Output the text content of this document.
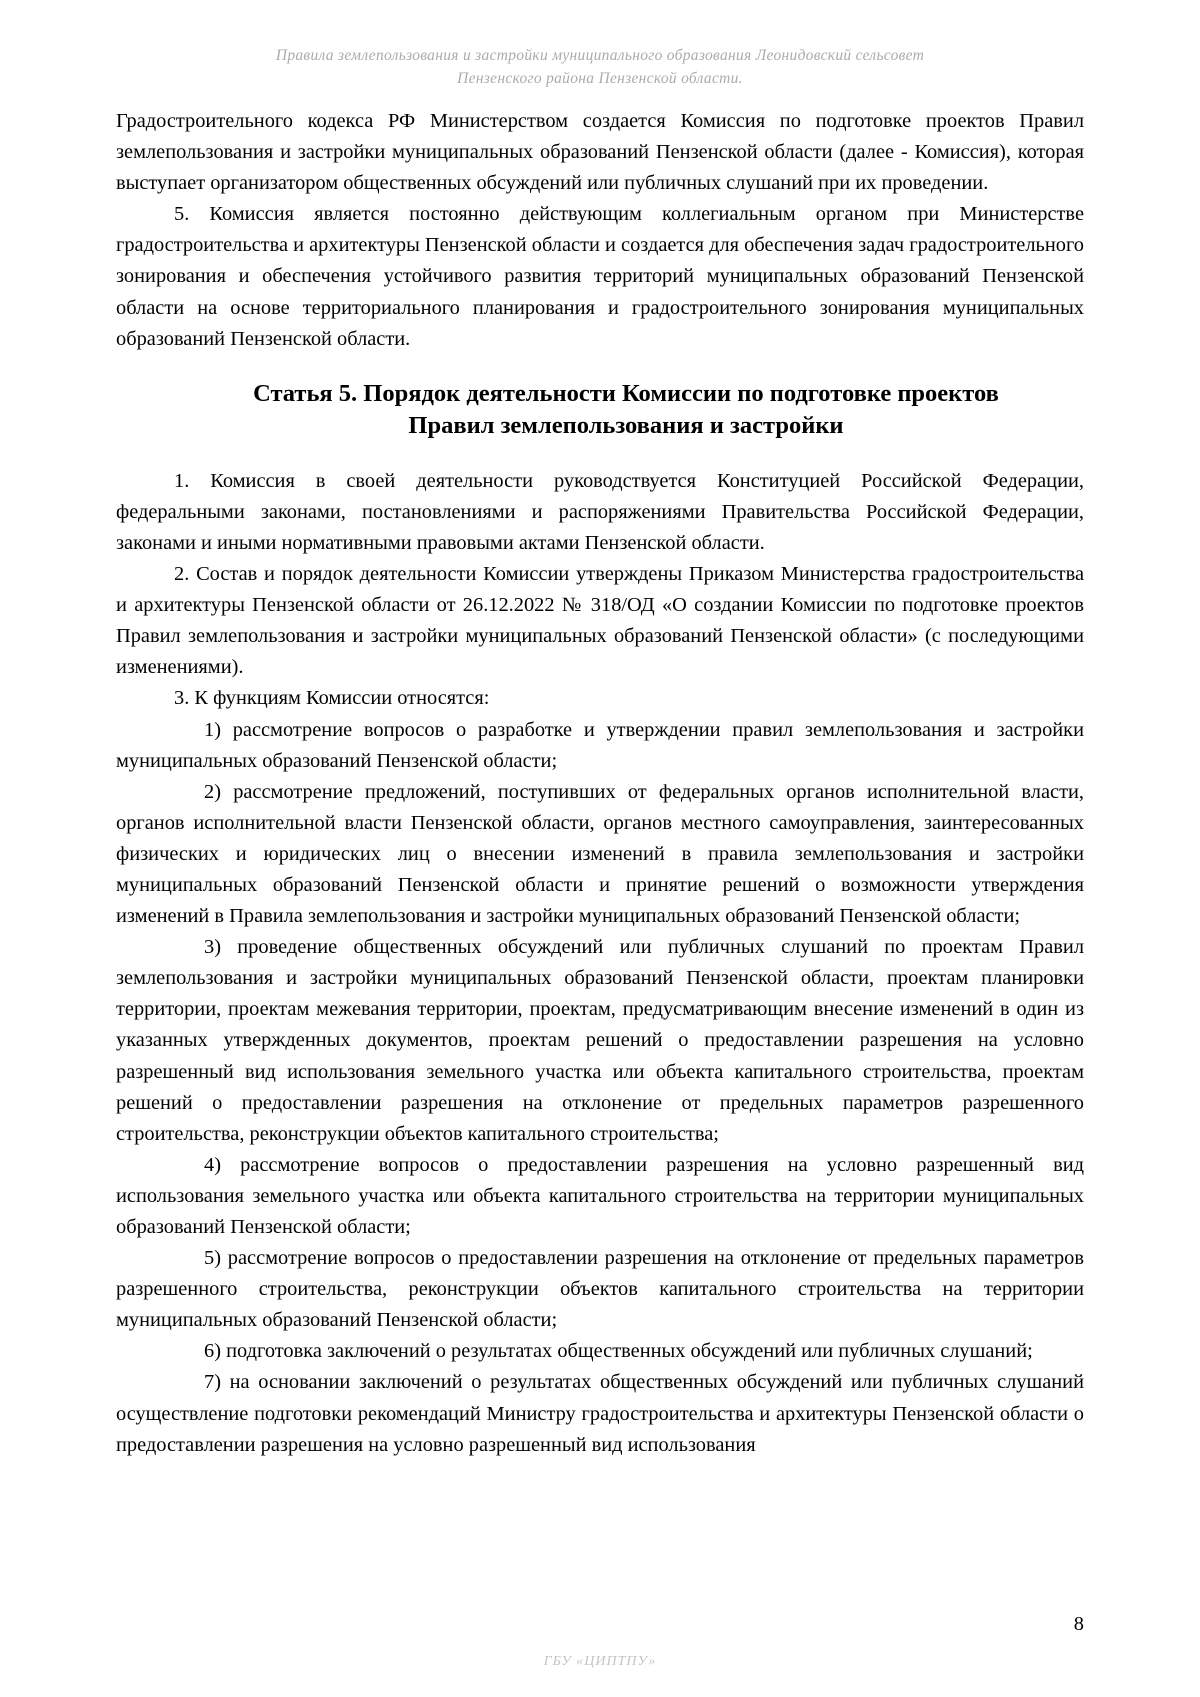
Правила землепользования и застройки муниципального образования Леонидовский сельсовет
Пензенского района Пензенской области.

Градостроительного кодекса РФ Министерством создается Комиссия по подготовке проектов Правил землепользования и застройки муниципальных образований Пензенской области (далее - Комиссия), которая выступает организатором общественных обсуждений или публичных слушаний при их проведении.

5. Комиссия является постоянно действующим коллегиальным органом при Министерстве градостроительства и архитектуры Пензенской области и создается для обеспечения задач градостроительного зонирования и обеспечения устойчивого развития территорий муниципальных образований Пензенской области на основе территориального планирования и градостроительного зонирования муниципальных образований Пензенской области.

Статья 5. Порядок деятельности Комиссии по подготовке проектов
Правил землепользования и застройки

1. Комиссия в своей деятельности руководствуется Конституцией Российской Федерации, федеральными законами, постановлениями и распоряжениями Правительства Российской Федерации, законами и иными нормативными правовыми актами Пензенской области.

2. Состав и порядок деятельности Комиссии утверждены Приказом Министерства градостроительства и архитектуры Пензенской области от 26.12.2022 № 318/ОД «О создании Комиссии по подготовке проектов Правил землепользования и застройки муниципальных образований Пензенской области» (с последующими изменениями).

3. К функциям Комиссии относятся:

1) рассмотрение вопросов о разработке и утверждении правил землепользования и застройки муниципальных образований Пензенской области;

2) рассмотрение предложений, поступивших от федеральных органов исполнительной власти, органов исполнительной власти Пензенской области, органов местного самоуправления, заинтересованных физических и юридических лиц о внесении изменений в правила землепользования и застройки муниципальных образований Пензенской области и принятие решений о возможности утверждения изменений в Правила землепользования и застройки муниципальных образований Пензенской области;

3) проведение общественных обсуждений или публичных слушаний по проектам Правил землепользования и застройки муниципальных образований Пензенской области, проектам планировки территории, проектам межевания территории, проектам, предусматривающим внесение изменений в один из указанных утвержденных документов, проектам решений о предоставлении разрешения на условно разрешенный вид использования земельного участка или объекта капитального строительства, проектам решений о предоставлении разрешения на отклонение от предельных параметров разрешенного строительства, реконструкции объектов капитального строительства;

4) рассмотрение вопросов о предоставлении разрешения на условно разрешенный вид использования земельного участка или объекта капитального строительства на территории муниципальных образований Пензенской области;

5) рассмотрение вопросов о предоставлении разрешения на отклонение от предельных параметров разрешенного строительства, реконструкции объектов капитального строительства на территории муниципальных образований Пензенской области;

6) подготовка заключений о результатах общественных обсуждений или публичных слушаний;

7) на основании заключений о результатах общественных обсуждений или публичных слушаний осуществление подготовки рекомендаций Министру градостроительства и архитектуры Пензенской области о предоставлении разрешения на условно разрешенный вид использования

8
ГБУ «ЦИПТПУ»
